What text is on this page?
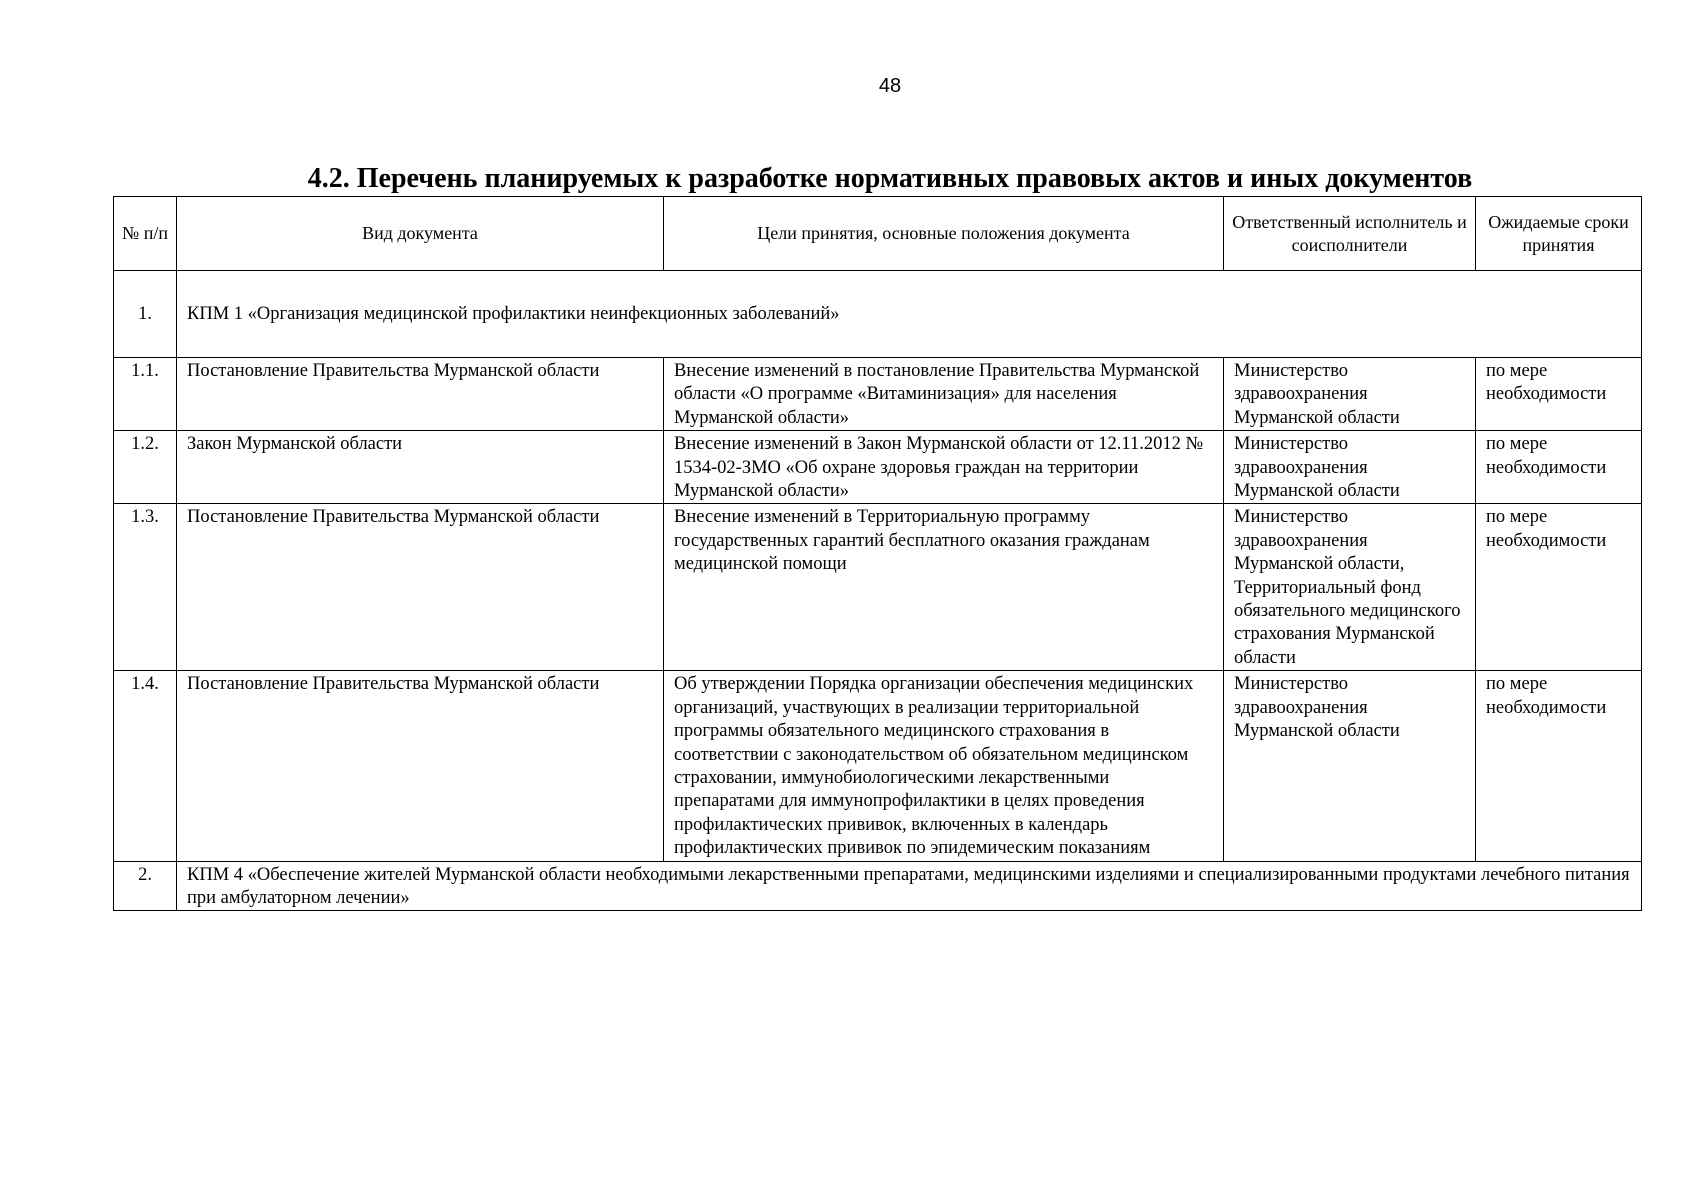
48
4.2. Перечень планируемых к разработке нормативных правовых актов и иных документов
№ п/п	Вид документа	Цели принятия, основные положения документа	Ответственный исполнитель и соисполнители	Ожидаемые сроки принятия
1.	КПМ 1 «Организация медицинской профилактики неинфекционных заболеваний»			
1.1.	Постановление Правительства Мурманской области	Внесение изменений в постановление Правительства Мурманской области «О программе «Витаминизация» для населения Мурманской области»	Министерство здравоохранения Мурманской области	по мере необходимости
1.2.	Закон Мурманской области	Внесение изменений в Закон Мурманской области от 12.11.2012 № 1534-02-ЗМО «Об охране здоровья граждан на территории Мурманской области»	Министерство здравоохранения Мурманской области	по мере необходимости
1.3.	Постановление Правительства Мурманской области	Внесение изменений в Территориальную программу государственных гарантий бесплатного оказания гражданам медицинской помощи	Министерство здравоохранения Мурманской области, Территориальный фонд обязательного медицинского страхования Мурманской области	по мере необходимости
1.4.	Постановление Правительства Мурманской области	Об утверждении Порядка организации обеспечения медицинских организаций, участвующих в реализации территориальной программы обязательного медицинского страхования в соответствии с законодательством об обязательном медицинском страховании, иммунобиологическими лекарственными препаратами для иммунопрофилактики в целях проведения профилактических прививок, включенных в календарь профилактических прививок по эпидемическим показаниям	Министерство здравоохранения Мурманской области	по мере необходимости
2.	КПМ 4 «Обеспечение жителей Мурманской области необходимыми лекарственными препаратами, медицинскими изделиями и специализированными продуктами лечебного питания при амбулаторном лечении»			
